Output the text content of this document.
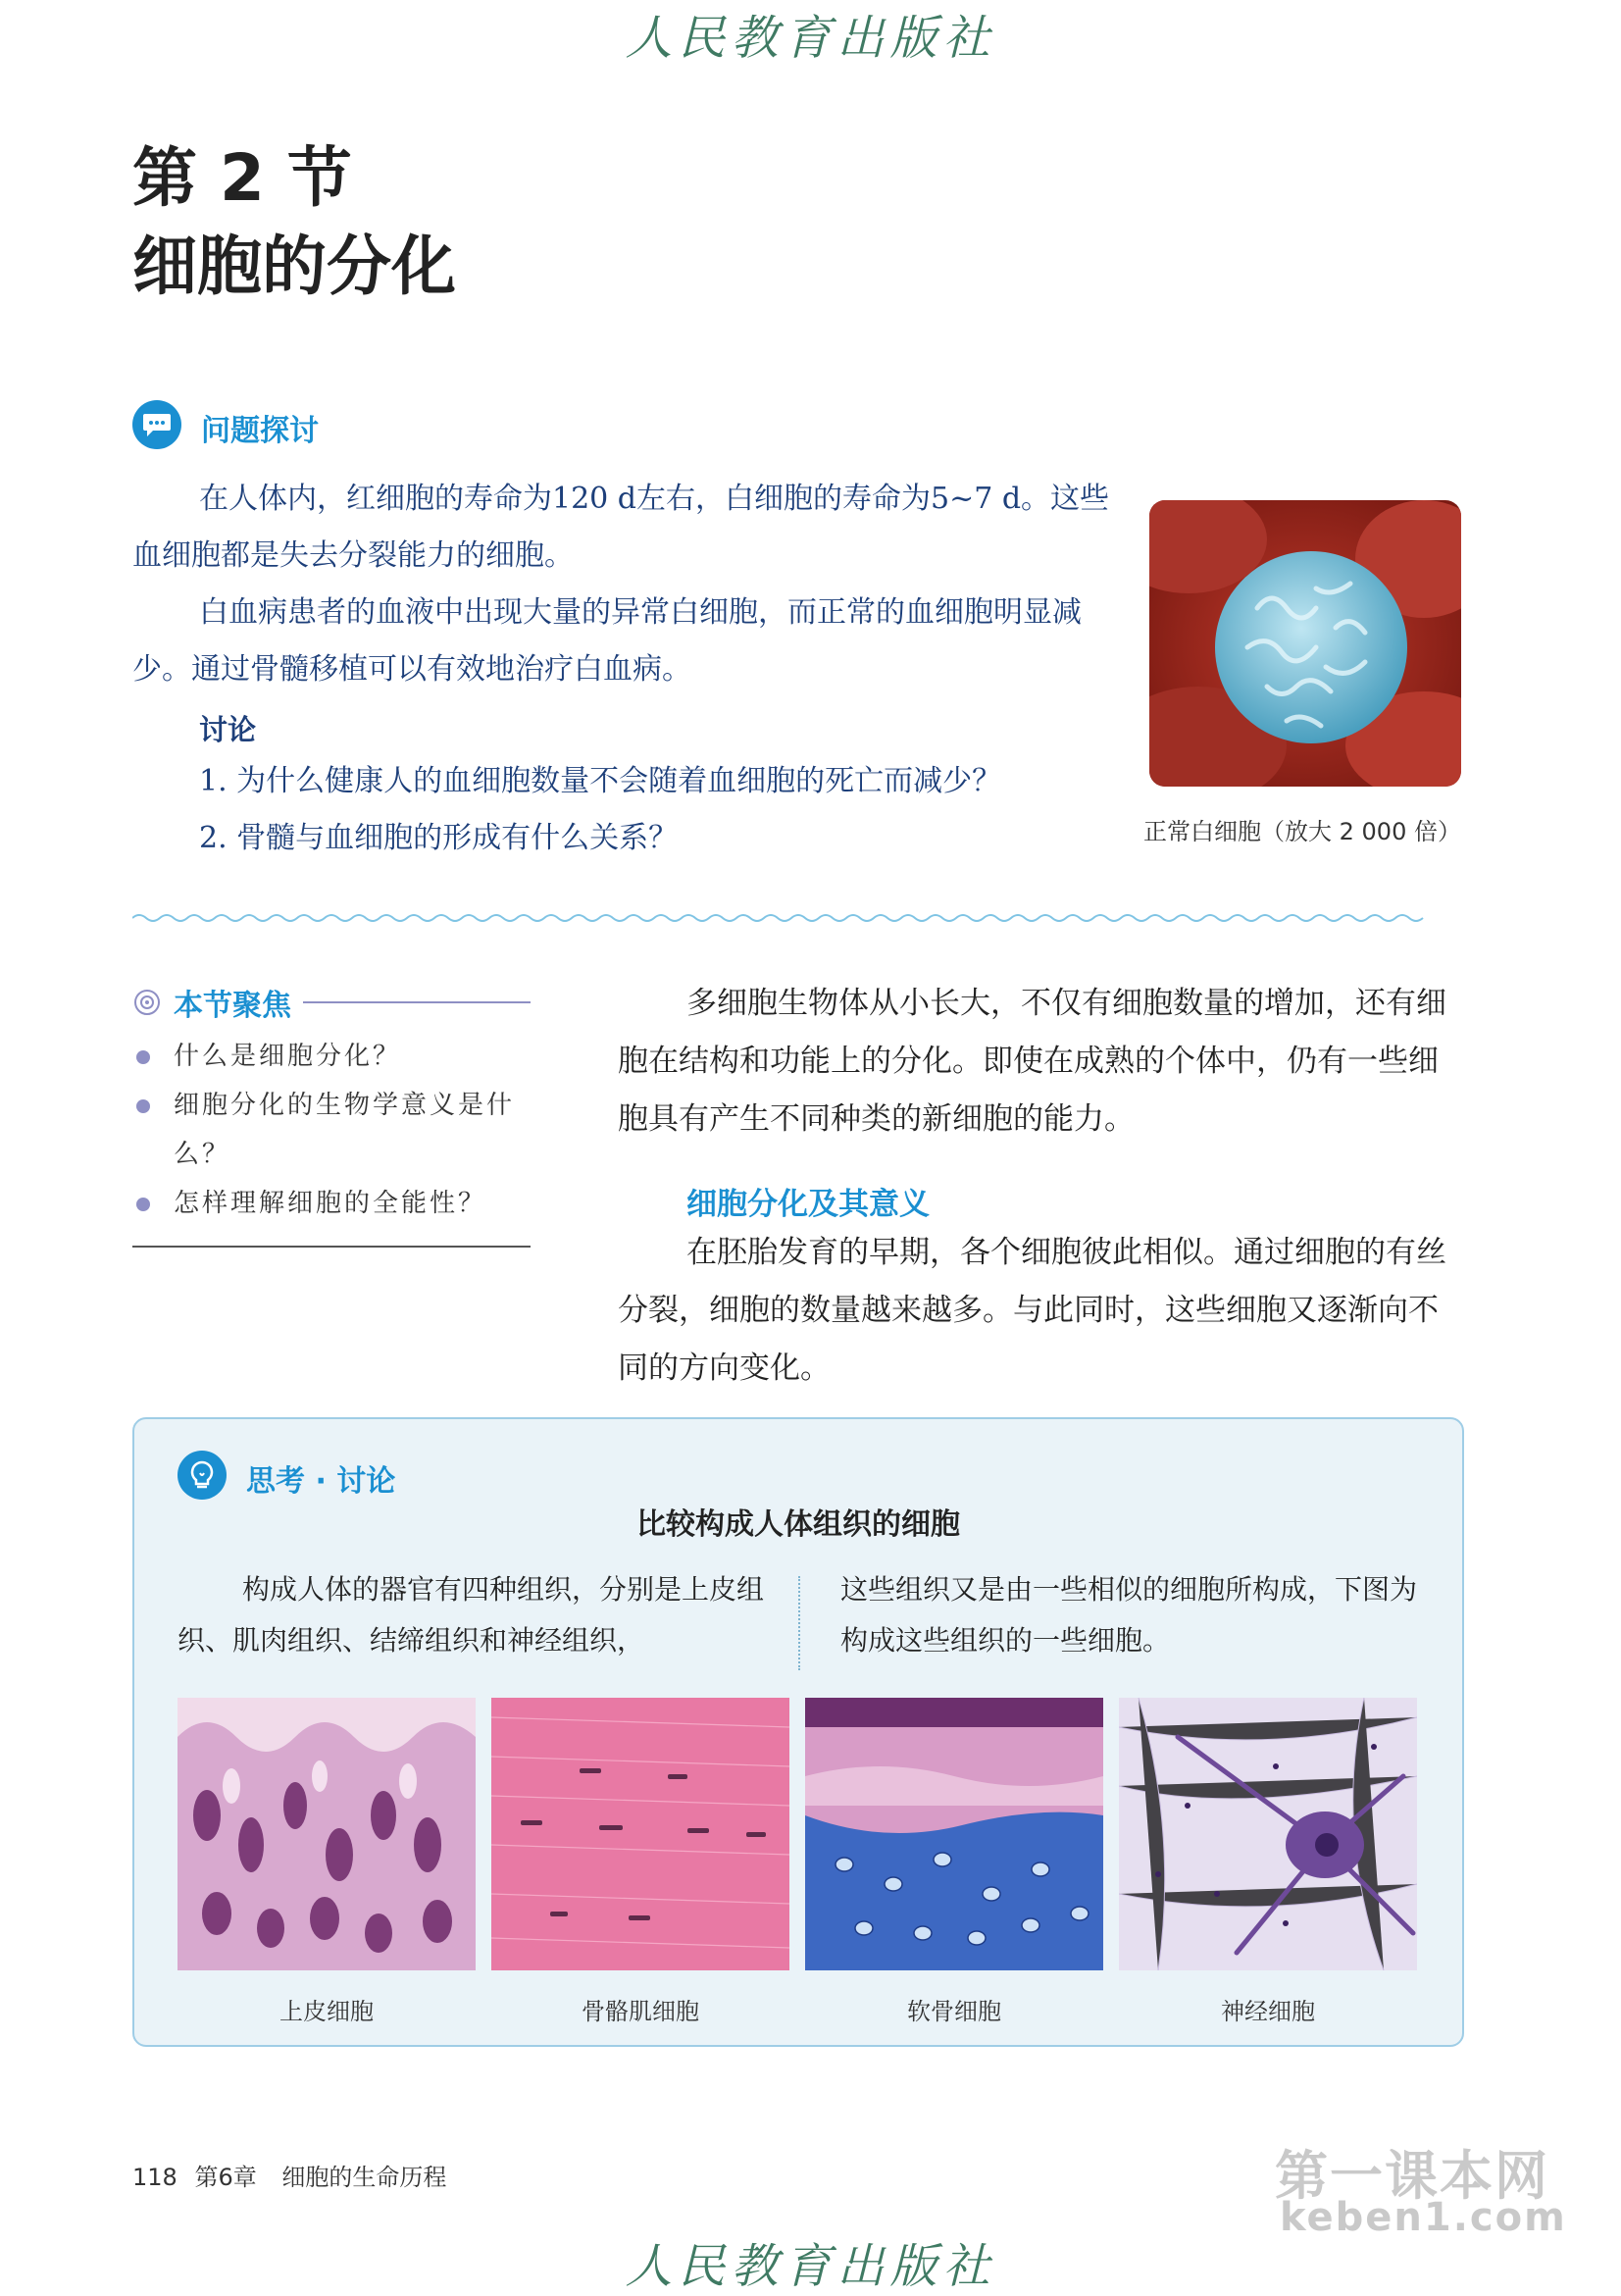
人民教育出版社
第 2 节
细胞的分化
问题探讨
在人体内，红细胞的寿命为120 d左右，白细胞的寿命为5~7 d。这些血细胞都是失去分裂能力的细胞。
白血病患者的血液中出现大量的异常白细胞，而正常的血细胞明显减少。通过骨髓移植可以有效地治疗白血病。
讨论
1. 为什么健康人的血细胞数量不会随着血细胞的死亡而减少？
2. 骨髓与血细胞的形成有什么关系？	正常白细胞（放大 2 000 倍）
本节聚焦
什么是细胞分化？
细胞分化的生物学意义是什么？
怎样理解细胞的全能性？
多细胞生物体从小长大，不仅有细胞数量的增加，还有细胞在结构和功能上的分化。即使在成熟的个体中，仍有一些细胞具有产生不同种类的新细胞的能力。
细胞分化及其意义
在胚胎发育的早期，各个细胞彼此相似。通过细胞的有丝分裂，细胞的数量越来越多。与此同时，这些细胞又逐渐向不同的方向变化。
思考 · 讨论
比较构成人体组织的细胞
构成人体的器官有四种组织，分别是上皮组织、肌肉组织、结缔组织和神经组织，
这些组织又是由一些相似的细胞所构成，下图为构成这些组织的一些细胞。
上皮细胞	骨骼肌细胞	软骨细胞	神经细胞
118 第6章 细胞的生命历程	第一课本网
keben1.com
人民教育出版社
